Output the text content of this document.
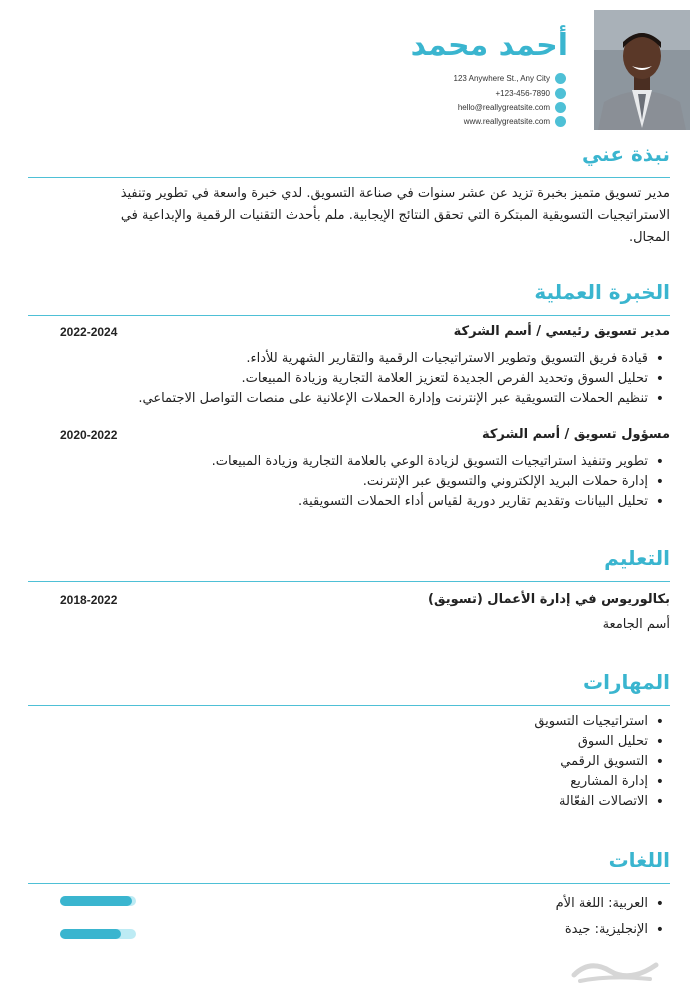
أحمد محمد
123 Anywhere St., Any City
+123-456-7890
hello@reallygreatsite.com
www.reallygreatsite.com
نبذة عني
مدير تسويق متميز بخبرة تزيد عن عشر سنوات في صناعة التسويق. لدي خبرة واسعة في تطوير وتنفيذ الاستراتيجيات التسويقية المبتكرة التي تحقق النتائج الإيجابية. ملم بأحدث التقنيات الرقمية والإبداعية في المجال.
الخبرة العملية
مدير تسويق رئيسي / أسم الشركة
2022-2024
• قيادة فريق التسويق وتطوير الاستراتيجيات الرقمية والتقارير الشهرية للأداء.
• تحليل السوق وتحديد الفرص الجديدة لتعزيز العلامة التجارية وزيادة المبيعات.
• تنظيم الحملات التسويقية عبر الإنترنت وإدارة الحملات الإعلانية على منصات التواصل الاجتماعي.
مسؤول تسويق / أسم الشركة
2020-2022
• تطوير وتنفيذ استراتيجيات التسويق لزيادة الوعي بالعلامة التجارية وزيادة المبيعات.
• إدارة حملات البريد الإلكتروني والتسويق عبر الإنترنت.
• تحليل البيانات وتقديم تقارير دورية لقياس أداء الحملات التسويقية.
التعليم
بكالوريوس في إدارة الأعمال (تسويق)
2018-2022
أسم الجامعة
المهارات
• استراتيجيات التسويق
• تحليل السوق
• التسويق الرقمي
• إدارة المشاريع
• الاتصالات الفعّالة
اللغات
• العربية: اللغة الأم
• الإنجليزية: جيدة
